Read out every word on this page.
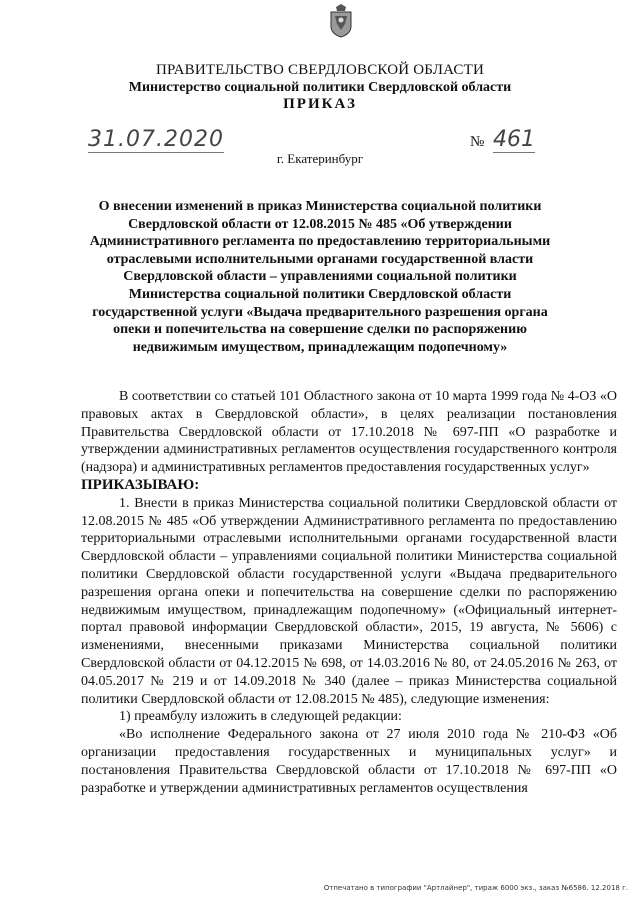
ПРАВИТЕЛЬСТВО СВЕРДЛОВСКОЙ ОБЛАСТИ
Министерство социальной политики Свердловской области
ПРИКАЗ
31.07.2020	№ 461
г. Екатеринбург
О внесении изменений в приказ Министерства социальной политики Свердловской области от 12.08.2015 № 485 «Об утверждении Административного регламента по предоставлению территориальными отраслевыми исполнительными органами государственной власти Свердловской области – управлениями социальной политики Министерства социальной политики Свердловской области государственной услуги «Выдача предварительного разрешения органа опеки и попечительства на совершение сделки по распоряжению недвижимым имуществом, принадлежащим подопечному»

В соответствии со статьей 101 Областного закона от 10 марта 1999 года № 4-ОЗ «О правовых актах в Свердловской области», в целях реализации постановления Правительства Свердловской области от 17.10.2018 № 697-ПП «О разработке и утверждении административных регламентов осуществления государственного контроля (надзора) и административных регламентов предоставления государственных услуг»

ПРИКАЗЫВАЮ:

1. Внести в приказ Министерства социальной политики Свердловской области от 12.08.2015 № 485 «Об утверждении Административного регламента по предоставлению территориальными отраслевыми исполнительными органами государственной власти Свердловской области – управлениями социальной политики Министерства социальной политики Свердловской области государственной услуги «Выдача предварительного разрешения органа опеки и попечительства на совершение сделки по распоряжению недвижимым имуществом, принадлежащим подопечному» («Официальный интернет-портал правовой информации Свердловской области», 2015, 19 августа, № 5606) с изменениями, внесенными приказами Министерства социальной политики Свердловской области от 04.12.2015 № 698, от 14.03.2016 № 80, от 24.05.2016 № 263, от 04.05.2017 № 219 и от 14.09.2018 № 340 (далее – приказ Министерства социальной политики Свердловской области от 12.08.2015 № 485), следующие изменения:

1) преамбулу изложить в следующей редакции:

«Во исполнение Федерального закона от 27 июля 2010 года № 210-ФЗ «Об организации предоставления государственных и муниципальных услуг» и постановления Правительства Свердловской области от 17.10.2018 № 697-ПП «О разработке и утверждении административных регламентов осуществления

Отпечатано в типографии "Артлайнер", тираж 6000 экз., заказ №6586. 12.2018 г.
